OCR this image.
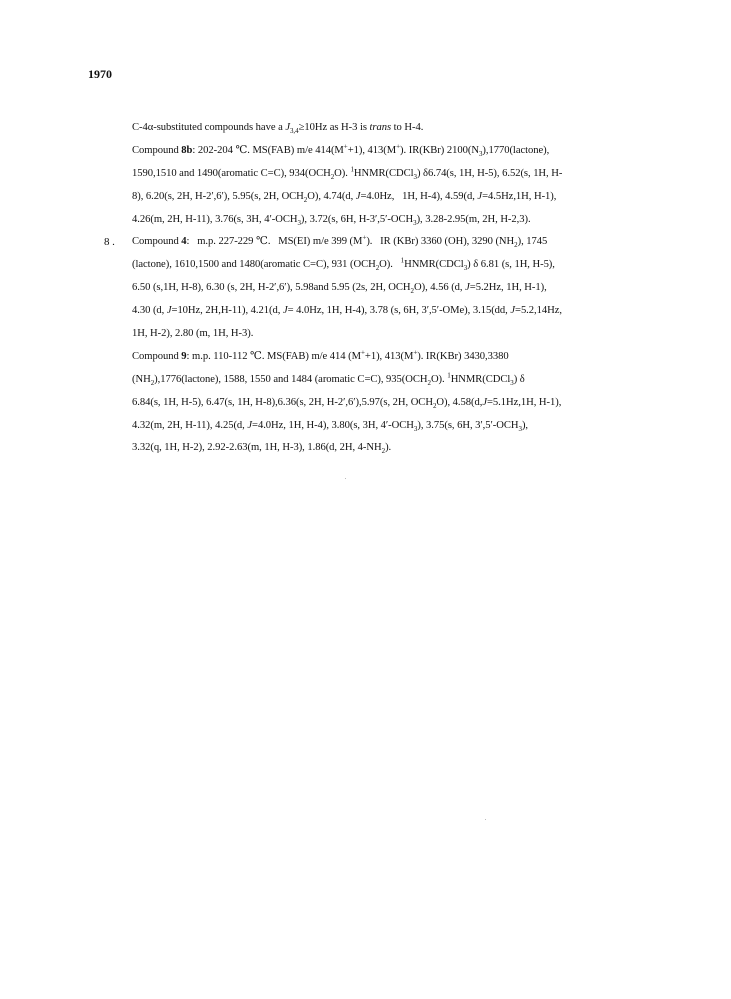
1970
C-4α-substituted compounds have a $J_{3,4}\ge 10Hz$ as H-3 is trans to H-4.
Compound 8b: 202-204 ℃. MS(FAB) m/e 414(M++1), 413(M+). IR(KBr) $2100(N_3),1770(lactone)$,
1590,1510 and 1490(aromatic C=C), $934(OCH_2O)$. $^1$HNMR(CDCl$_3$) δ6.74(s, 1H, H-5), 6.52(s, 1H, H-
8), 6.20(s, 2H, H-2′,6′), 5.95(s, 2H, $OCH_2O$), 4.74(d, J=4.0Hz,   1H, H-4), 4.59(d, J=4.5Hz,1H, H-1),
4.26(m, 2H, H-11), 3.76(s, 3H, $4'-OCH_3$), 3.72(s, 6H, $H-3',5'-OCH_3$), 3.28-2.95(m, 2H, H-2,3).
8 . Compound 4:   m.p. 227-229 ℃.   MS(EI) m/e 399 (M+).   IR (KBr) 3360 (OH), 3290 $(NH_2)$, 1745
(lactone), 1610,1500 and 1480(aromatic C=C), 931 $(OCH_2O)$.   $^1$HNMR(CDCl$_3$) δ 6.81 (s, 1H, H-5),
6.50 (s,1H, H-8), 6.30 (s, 2H, H-2′,6′), 5.98and 5.95 (2s, 2H, $OCH_2O$), 4.56 (d, J=5.2Hz, 1H, H-1),
4.30 (d, J=10Hz, 2H,H-11), 4.21(d, J= 4.0Hz, 1H, H-4), 3.78 (s, 6H, 3′,5′-OMe), 3.15(dd, J=5.2,14Hz,
1H, H-2), 2.80 (m, 1H, H-3).
Compound 9: m.p. 110-112 ℃. MS(FAB) m/e 414 (M++1), 413(M+). IR(KBr) 3430,3380
$(NH_2),1776(lactone)$, 1588, 1550 and 1484 (aromatic C=C), $935(OCH_2O)$. $^1$HNMR(CDCl$_3$) δ
6.84(s, 1H, H-5), 6.47(s, 1H, H-8),6.36(s, 2H, H-2′,6′),5.97(s, 2H, $OCH_2O$), 4.58(d,J=5.1Hz,1H, H-1),
4.32(m, 2H, H-11), 4.25(d, J=4.0Hz, 1H, H-4), 3.80(s, 3H, $4'-OCH_3$), 3.75(s, 6H, $3',5'-OCH_3$),
3.32(q, 1H, H-2), 2.92-2.63(m, 1H, H-3), 1.86(d, 2H, $4-NH_2$).
